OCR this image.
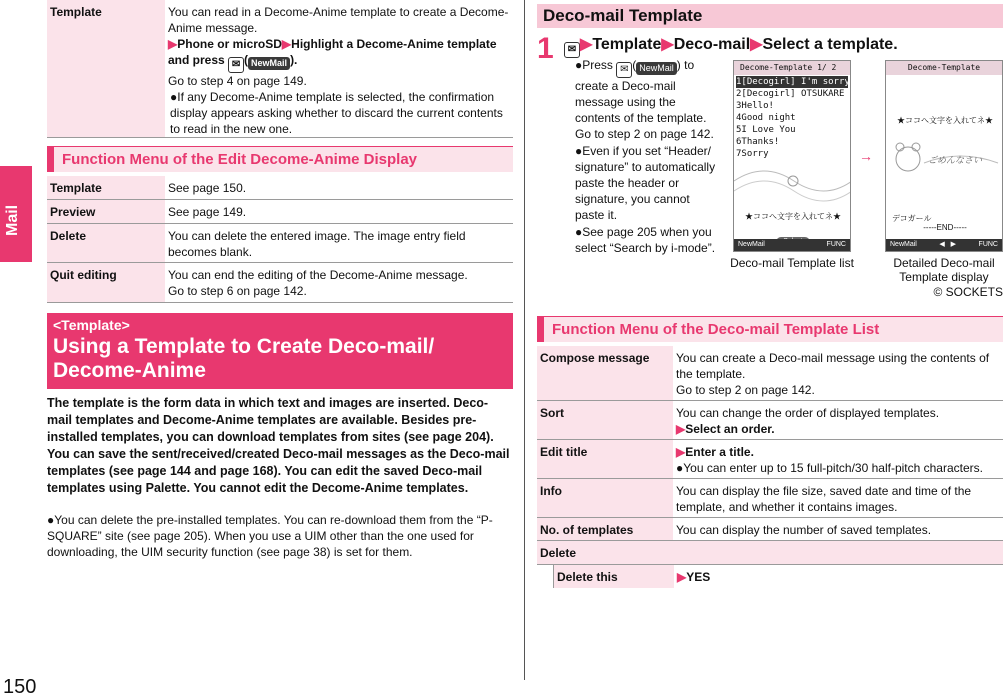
Mail
150
Template	You can read in a Decome-Anime template to create a Decome-Anime message.
▶Phone or microSD▶Highlight a Decome-Anime template and press ✉ ( NewMail ).
Go to step 4 on page 149.
●If any Decome-Anime template is selected, the confirmation display appears asking whether to discard the current contents to read in the new one.
Function Menu of the Edit Decome-Anime Display
Template	See page 150.
Preview	See page 149.
Delete	You can delete the entered image. The image entry field becomes blank.
Quit editing	You can end the editing of the Decome-Anime message.
Go to step 6 on page 142.
<Template>
Using a Template to Create Deco-mail/ Decome-Anime
The template is the form data in which text and images are inserted. Deco-mail templates and Decome-Anime templates are available. Besides pre-installed templates, you can download templates from sites (see page 204). You can save the sent/received/created Deco-mail messages as the Deco-mail templates (see page 144 and page 168). You can edit the saved Deco-mail templates using Palette. You cannot edit the Decome-Anime templates.
●You can delete the pre-installed templates. You can re-download them from the “P-SQUARE” site (see page 205). When you use a UIM other than the one used for downloading, the UIM security function (see page 38) is set for them.
Deco-mail Template
1	✉ ▶Template▶Deco-mail▶Select a template.

●Press ✉ ( NewMail ) to create a Deco-mail message using the contents of the template. Go to step 2 on page 142.

●Even if you set “Header/ signature” to automatically paste the header or signature, you cannot paste it.

●See page 205 when you select “Search by i-mode”.

Decome-Template 1/ 2
1[Decogirl] I'm sorry
2[Decogirl] OTSUKARE
3Hello!
4Good night
5I Love You
6Thanks!
7Sorry
★ココへ文字を入れてネ★
NewMail	FUNC
Deco-mail Template list
→
Decome-Template
★ココへ文字を入れてネ★
ごめんなさい
デコガール
-----END-----
NewMail	◀   ▶	FUNC
Detailed Deco-mail Template display
© SOCKETS
Function Menu of the Deco-mail Template List
Compose message	You can create a Deco-mail message using the contents of the template.
Go to step 2 on page 142.
Sort	You can change the order of displayed templates.
▶Select an order.
Edit title	▶Enter a title.
●You can enter up to 15 full-pitch/30 half-pitch characters.
Info	You can display the file size, saved date and time of the template, and whether it contains images.
No. of templates	You can display the number of saved templates.
Delete
Delete this	▶YES
